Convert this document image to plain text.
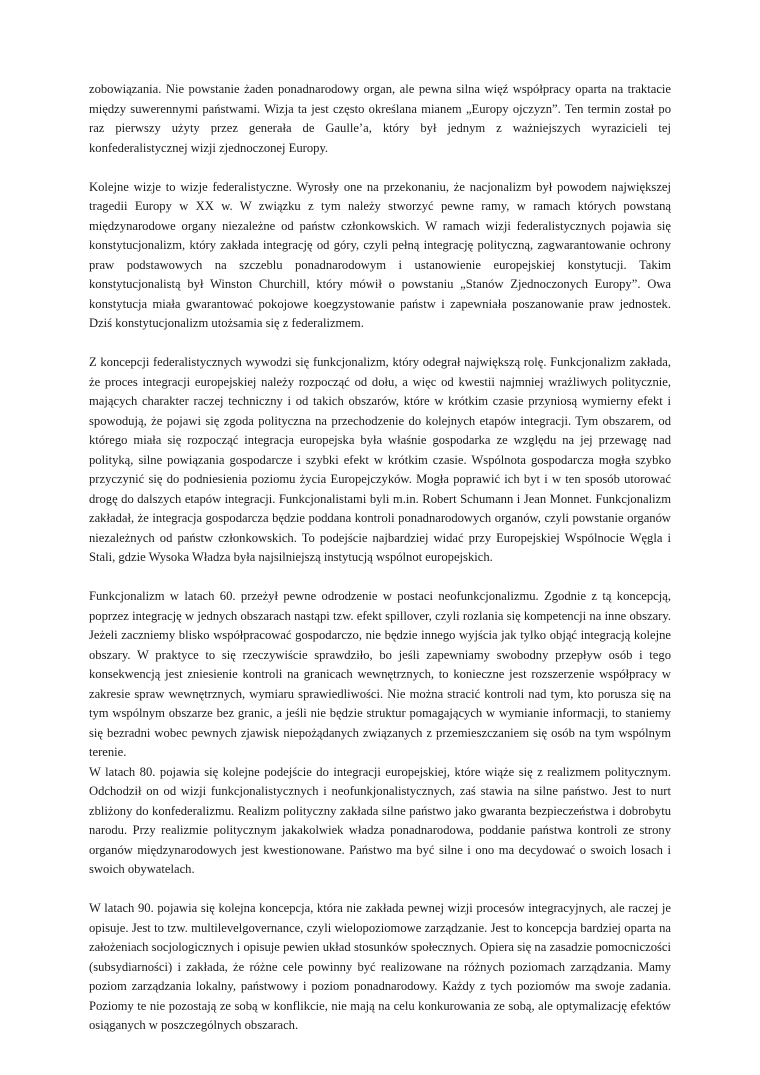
zobowiązania. Nie powstanie żaden ponadnarodowy organ, ale pewna silna więź współpracy oparta na traktacie między suwerennymi państwami. Wizja ta jest często określana mianem „Europy ojczyzn”. Ten termin został po raz pierwszy użyty przez generała de Gaulle’a, który był jednym z ważniejszych wyrazicieli tej konfederalistycznej wizji zjednoczonej Europy.

Kolejne wizje to wizje federalistyczne. Wyrosły one na przekonaniu, że nacjonalizm był powodem największej tragedii Europy w XX w. W związku z tym należy stworzyć pewne ramy, w ramach których powstaną międzynarodowe organy niezależne od państw członkowskich. W ramach wizji federalistycznych pojawia się konstytucjonalizm, który zakłada integrację od góry, czyli pełną integrację polityczną, zagwarantowanie ochrony praw podstawowych na szczeblu ponadnarodowym i ustanowienie europejskiej konstytucji. Takim konstytucjonalistą był Winston Churchill, który mówił o powstaniu „Stanów Zjednoczonych Europy”. Owa konstytucja miała gwarantować pokojowe koegzystowanie państw i zapewniała poszanowanie praw jednostek. Dziś konstytucjonalizm utożsamia się z federalizmem.

Z koncepcji federalistycznych wywodzi się funkcjonalizm, który odegrał największą rolę. Funkcjonalizm zakłada, że proces integracji europejskiej należy rozpocząć od dołu, a więc od kwestii najmniej wrażliwych politycznie, mających charakter raczej techniczny i od takich obszarów, które w krótkim czasie przyniosą wymierny efekt i spowodują, że pojawi się zgoda polityczna na przechodzenie do kolejnych etapów integracji. Tym obszarem, od którego miała się rozpocząć integracja europejska była właśnie gospodarka ze względu na jej przewagę nad polityką, silne powiązania gospodarcze i szybki efekt w krótkim czasie. Wspólnota gospodarcza mogła szybko przyczynić się do podniesienia poziomu życia Europejczyków. Mogła poprawić ich byt i w ten sposób utorować drogę do dalszych etapów integracji. Funkcjonalistami byli m.in. Robert Schumann i Jean Monnet. Funkcjonalizm zakładał, że integracja gospodarcza będzie poddana kontroli ponadnarodowych organów, czyli powstanie organów niezależnych od państw członkowskich. To podejście najbardziej widać przy Europejskiej Wspólnocie Węgla i Stali, gdzie Wysoka Władza była najsilniejszą instytucją wspólnot europejskich.

Funkcjonalizm w latach 60. przeżył pewne odrodzenie w postaci neofunkcjonalizmu. Zgodnie z tą koncepcją, poprzez integrację w jednych obszarach nastąpi tzw. efekt spillover, czyli rozlania się kompetencji na inne obszary. Jeżeli zaczniemy blisko współpracować gospodarczo, nie będzie innego wyjścia jak tylko objąć integracją kolejne obszary. W praktyce to się rzeczywiście sprawdziło, bo jeśli zapewniamy swobodny przepływ osób i tego konsekwencją jest zniesienie kontroli na granicach wewnętrznych, to konieczne jest rozszerzenie współpracy w zakresie spraw wewnętrznych, wymiaru sprawiedliwości. Nie można stracić kontroli nad tym, kto porusza się na tym wspólnym obszarze bez granic, a jeśli nie będzie struktur pomagających w wymianie informacji, to staniemy się bezradni wobec pewnych zjawisk niepożądanych związanych z przemieszczaniem się osób na tym wspólnym terenie.

W latach 80. pojawia się kolejne podejście do integracji europejskiej, które wiąże się z realizmem politycznym. Odchodził on od wizji funkcjonalistycznych i neofunkjonalistycznych, zaś stawia na silne państwo. Jest to nurt zbliżony do konfederalizmu. Realizm polityczny zakłada silne państwo jako gwaranta bezpieczeństwa i dobrobytu narodu. Przy realizmie politycznym jakakolwiek władza ponadnarodowa, poddanie państwa kontroli ze strony organów międzynarodowych jest kwestionowane. Państwo ma być silne i ono ma decydować o swoich losach i swoich obywatelach.

W latach 90. pojawia się kolejna koncepcja, która nie zakłada pewnej wizji procesów integracyjnych, ale raczej je opisuje. Jest to tzw. multilevelgovernance, czyli wielopoziomowe zarządzanie. Jest to koncepcja bardziej oparta na założeniach socjologicznych i opisuje pewien układ stosunków społecznych. Opiera się na zasadzie pomocniczości (subsydiarności) i zakłada, że różne cele powinny być realizowane na różnych poziomach zarządzania. Mamy poziom zarządzania lokalny, państwowy i poziom ponadnarodowy. Każdy z tych poziomów ma swoje zadania. Poziomy te nie pozostają ze sobą w konflikcie, nie mają na celu konkurowania ze sobą, ale optymalizację efektów osiąganych w poszczególnych obszarach.
